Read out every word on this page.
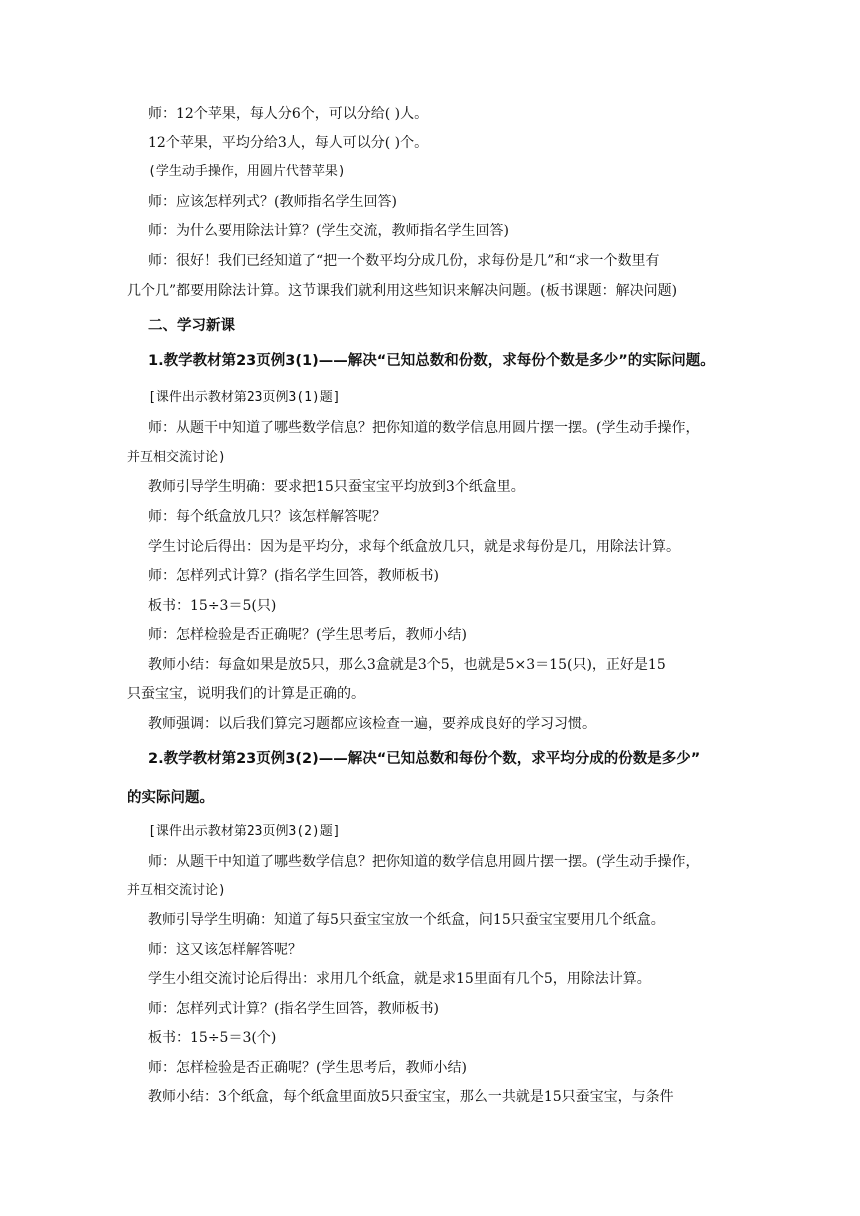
师：12个苹果，每人分6个，可以分给( )人。
12个苹果，平均分给3人，每人可以分( )个。
(学生动手操作，用圆片代替苹果)
师：应该怎样列式？(教师指名学生回答)
师：为什么要用除法计算？(学生交流，教师指名学生回答)
师：很好！我们已经知道了“把一个数平均分成几份，求每份是几”和“求一个数里有
几个几”都要用除法计算。这节课我们就利用这些知识来解决问题。(板书课题：解决问题)
二、学习新课
1.教学教材第23页例3(1)——解决“已知总数和份数，求每份个数是多少”的实际问题。
[课件出示教材第23页例3(1)题]
师：从题干中知道了哪些数学信息？把你知道的数学信息用圆片摆一摆。(学生动手操作，
并互相交流讨论)
教师引导学生明确：要求把15只蚕宝宝平均放到3个纸盒里。
师：每个纸盒放几只？该怎样解答呢？
学生讨论后得出：因为是平均分，求每个纸盒放几只，就是求每份是几，用除法计算。
师：怎样列式计算？(指名学生回答，教师板书)
板书：15÷3＝5(只)
师：怎样检验是否正确呢？(学生思考后，教师小结)
教师小结：每盒如果是放5只，那么3盒就是3个5，也就是5×3＝15(只)，正好是15
只蚕宝宝，说明我们的计算是正确的。
教师强调：以后我们算完习题都应该检查一遍，要养成良好的学习习惯。
2.教学教材第23页例3(2)——解决“已知总数和每份个数，求平均分成的份数是多少”
的实际问题。
[课件出示教材第23页例3(2)题]
师：从题干中知道了哪些数学信息？把你知道的数学信息用圆片摆一摆。(学生动手操作，
并互相交流讨论)
教师引导学生明确：知道了每5只蚕宝宝放一个纸盒，问15只蚕宝宝要用几个纸盒。
师：这又该怎样解答呢？
学生小组交流讨论后得出：求用几个纸盒，就是求15里面有几个5，用除法计算。
师：怎样列式计算？(指名学生回答，教师板书)
板书：15÷5＝3(个)
师：怎样检验是否正确呢？(学生思考后，教师小结)
教师小结：3个纸盒，每个纸盒里面放5只蚕宝宝，那么一共就是15只蚕宝宝，与条件
